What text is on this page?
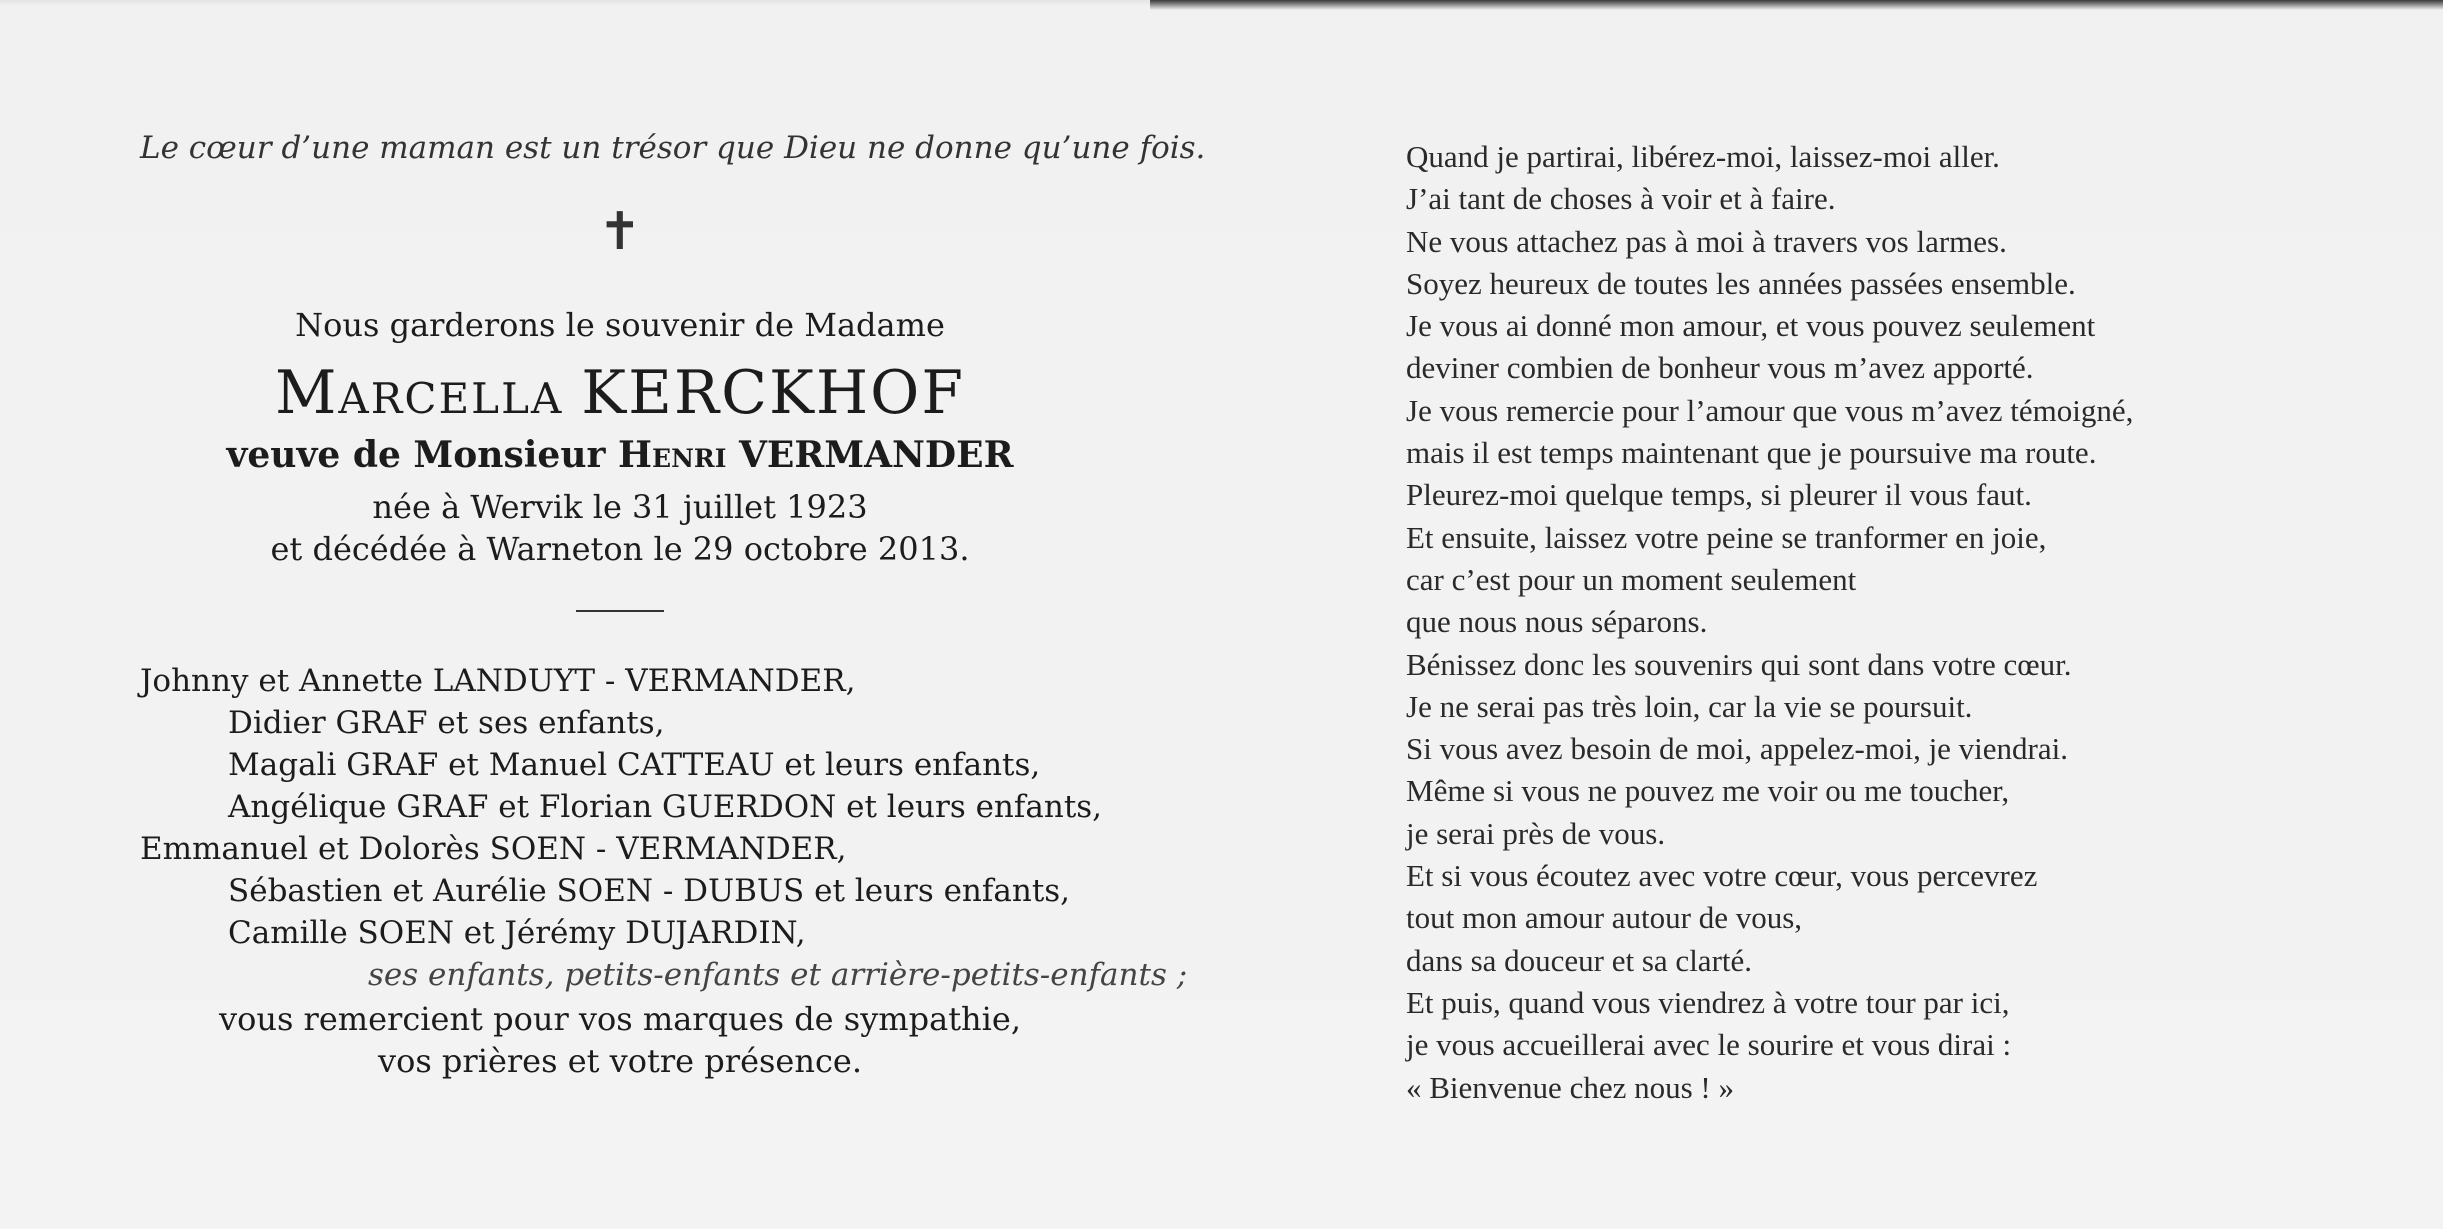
Le cœur d’une maman est un trésor que Dieu ne donne qu’une fois.
✝
Nous garderons le souvenir de Madame
Marcella KERCKHOF
veuve de Monsieur Henri VERMANDER
née à Wervik le 31 juillet 1923
et décédée à Warneton le 29 octobre 2013.
Johnny et Annette LANDUYT - VERMANDER,
Didier GRAF et ses enfants,
Magali GRAF et Manuel CATTEAU et leurs enfants,
Angélique GRAF et Florian GUERDON et leurs enfants,
Emmanuel et Dolorès SOEN - VERMANDER,
Sébastien et Aurélie SOEN - DUBUS et leurs enfants,
Camille SOEN et Jérémy DUJARDIN,
ses enfants, petits-enfants et arrière-petits-enfants ;
vous remercient pour vos marques de sympathie,
vos prières et votre présence.
Quand je partirai, libérez-moi, laissez-moi aller.
J’ai tant de choses à voir et à faire.
Ne vous attachez pas à moi à travers vos larmes.
Soyez heureux de toutes les années passées ensemble.
Je vous ai donné mon amour, et vous pouvez seulement
deviner combien de bonheur vous m’avez apporté.
Je vous remercie pour l’amour que vous m’avez témoigné,
mais il est temps maintenant que je poursuive ma route.
Pleurez-moi quelque temps, si pleurer il vous faut.
Et ensuite, laissez votre peine se tranformer en joie,
car c’est pour un moment seulement
que nous nous séparons.
Bénissez donc les souvenirs qui sont dans votre cœur.
Je ne serai pas très loin, car la vie se poursuit.
Si vous avez besoin de moi, appelez-moi, je viendrai.
Même si vous ne pouvez me voir ou me toucher,
je serai près de vous.
Et si vous écoutez avec votre cœur, vous percevrez
tout mon amour autour de vous,
dans sa douceur et sa clarté.
Et puis, quand vous viendrez à votre tour par ici,
je vous accueillerai avec le sourire et vous dirai :
« Bienvenue chez nous ! »
